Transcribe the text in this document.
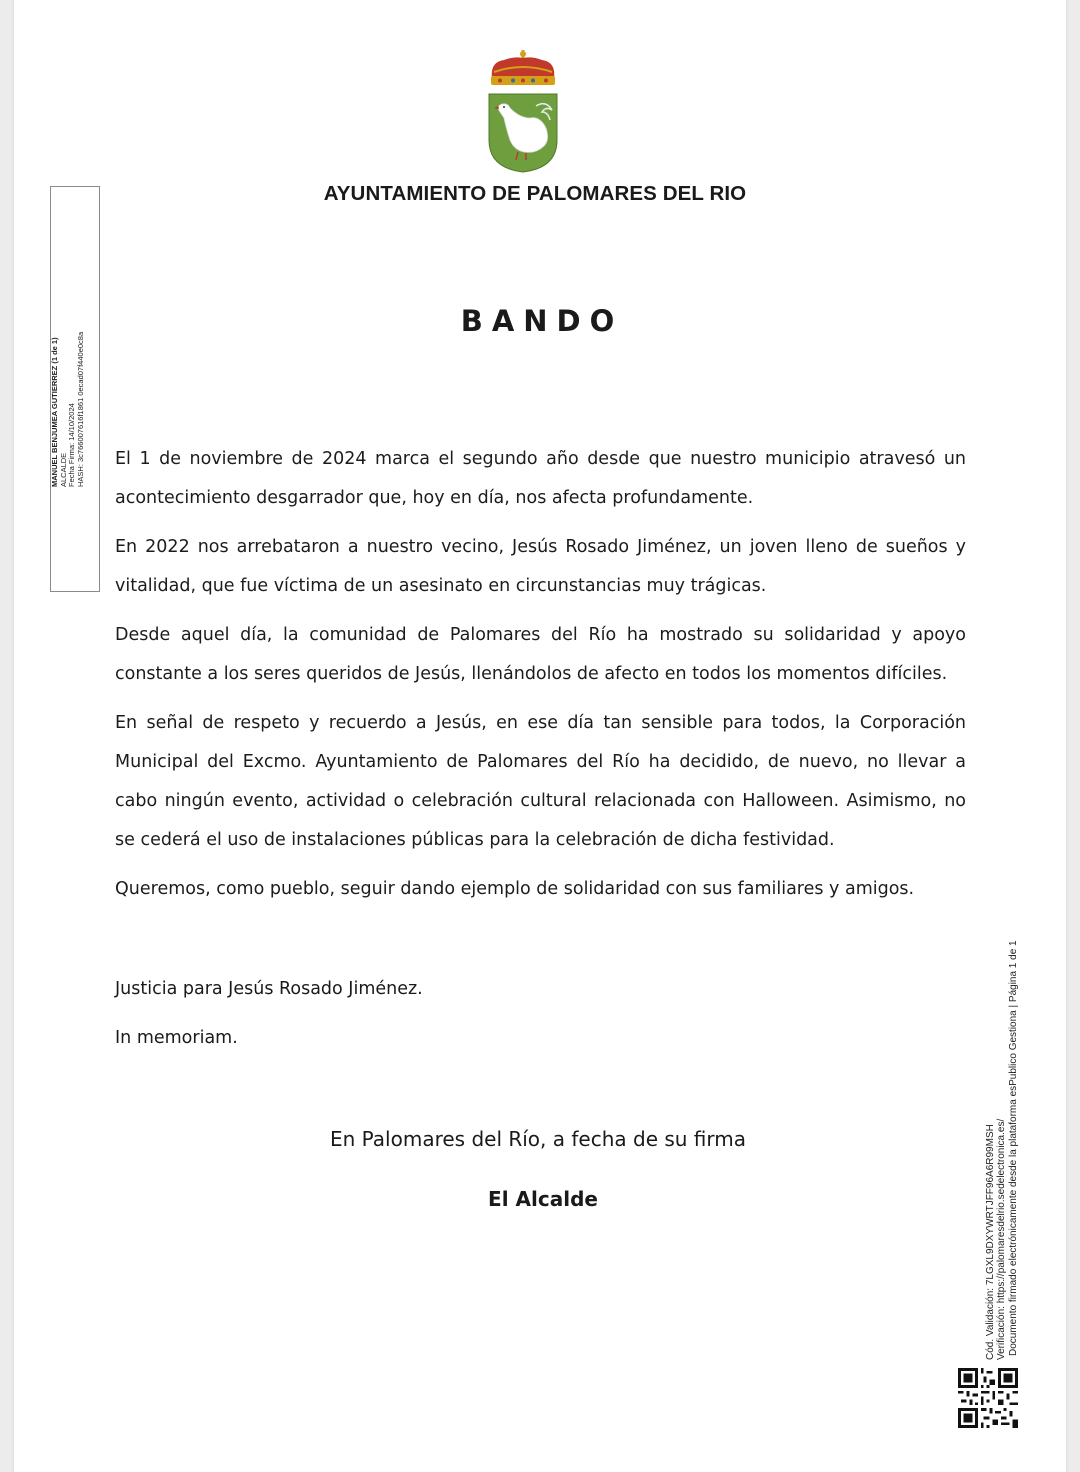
AYUNTAMIENTO DE PALOMARES DEL RIO
BANDO

El 1 de noviembre de 2024 marca el segundo año desde que nuestro municipio atravesó un acontecimiento desgarrador que, hoy en día, nos afecta profundamente.

En 2022 nos arrebataron a nuestro vecino, Jesús Rosado Jiménez, un joven lleno de sueños y vitalidad, que fue víctima de un asesinato en circunstancias muy trágicas.

Desde aquel día, la comunidad de Palomares del Río ha mostrado su solidaridad y apoyo constante a los seres queridos de Jesús, llenándolos de afecto en todos los momentos difíciles.

En señal de respeto y recuerdo a Jesús, en ese día tan sensible para todos, la Corporación Municipal del Excmo. Ayuntamiento de Palomares del Río ha decidido, de nuevo, no llevar a cabo ningún evento, actividad o celebración cultural relacionada con Halloween. Asimismo, no se cederá el uso de instalaciones públicas para la celebración de dicha festividad.

Queremos, como pueblo, seguir dando ejemplo de solidaridad con sus familiares y amigos.

Justicia para Jesús Rosado Jiménez.

In memoriam.

En Palomares del Río, a fecha de su firma
El Alcalde
MANUEL BENJUMEA GUTIERREZ (1 de 1) ALCALDE Fecha Firma: 14/10/2024 HASH: 3c766007616f1861 0ecad07f440e0c8a
Cód. Validación: 7LGXL9DXYWRTJFF96A6R99MSH Verificación: https://palomaresdelrio.sedelectronica.es/ Documento firmado electrónicamente desde la plataforma esPublico Gestiona | Página 1 de 1
